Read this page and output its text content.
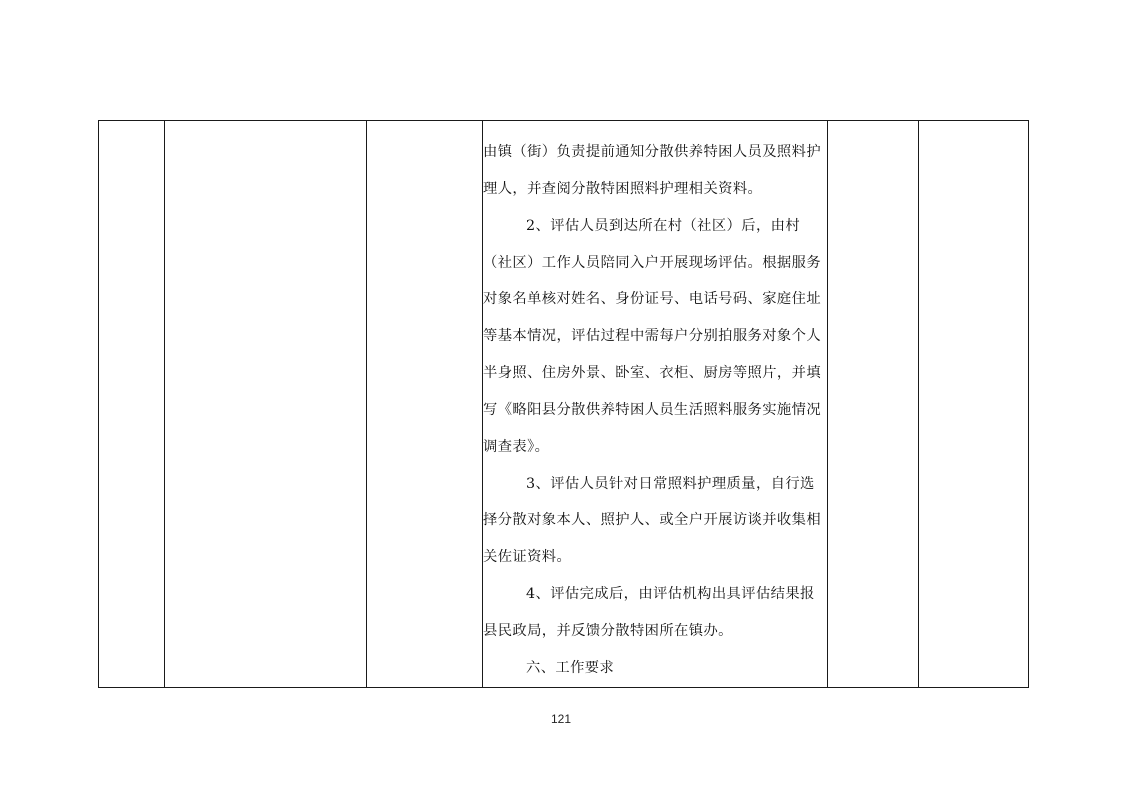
由镇（街）负责提前通知分散供养特困人员及照料护理人，并查阅分散特困照料护理相关资料。

2、评估人员到达所在村（社区）后，由村（社区）工作人员陪同入户开展现场评估。根据服务对象名单核对姓名、身份证号、电话号码、家庭住址等基本情况，评估过程中需每户分别拍服务对象个人半身照、住房外景、卧室、衣柜、厨房等照片，并填写《略阳县分散供养特困人员生活照料服务实施情况调查表》。

3、评估人员针对日常照料护理质量，自行选择分散对象本人、照护人、或全户开展访谈并收集相关佐证资料。

4、评估完成后，由评估机构出具评估结果报县民政局，并反馈分散特困所在镇办。

六、工作要求

121
